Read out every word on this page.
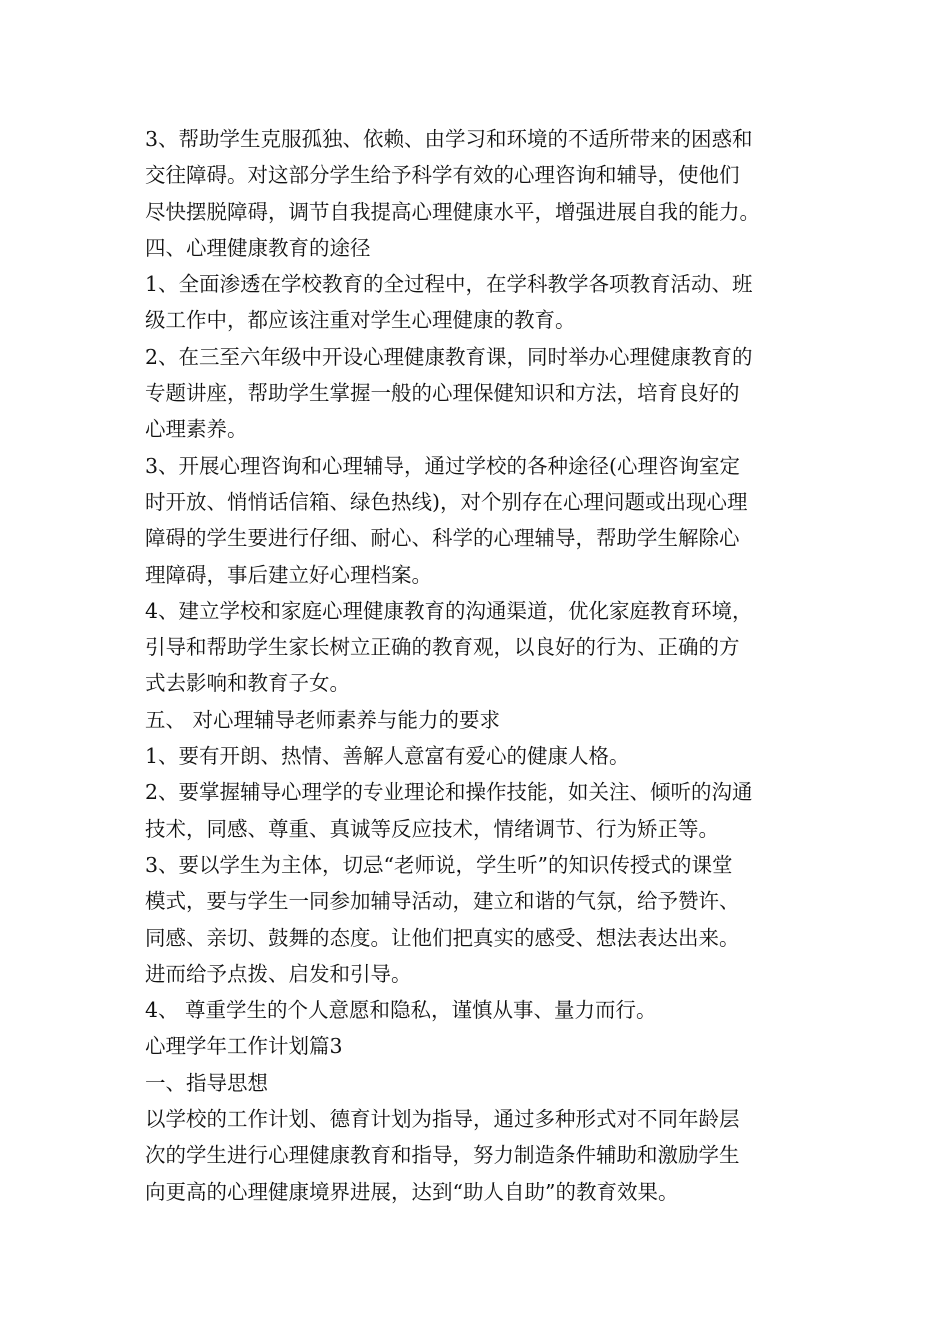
3、帮助学生克服孤独、依赖、由学习和环境的不适所带来的困惑和
交往障碍。对这部分学生给予科学有效的心理咨询和辅导，使他们
尽快摆脱障碍，调节自我提高心理健康水平，增强进展自我的能力。
四、心理健康教育的途径
1、全面渗透在学校教育的全过程中，在学科教学各项教育活动、班
级工作中，都应该注重对学生心理健康的教育。
2、在三至六年级中开设心理健康教育课，同时举办心理健康教育的
专题讲座，帮助学生掌握一般的心理保健知识和方法，培育良好的
心理素养。
3、开展心理咨询和心理辅导，通过学校的各种途径(心理咨询室定
时开放、悄悄话信箱、绿色热线)，对个别存在心理问题或出现心理
障碍的学生要进行仔细、耐心、科学的心理辅导，帮助学生解除心
理障碍，事后建立好心理档案。
4、建立学校和家庭心理健康教育的沟通渠道，优化家庭教育环境，
引导和帮助学生家长树立正确的教育观，以良好的行为、正确的方
式去影响和教育子女。
五、 对心理辅导老师素养与能力的要求
1、要有开朗、热情、善解人意富有爱心的健康人格。
2、要掌握辅导心理学的专业理论和操作技能，如关注、倾听的沟通
技术，同感、尊重、真诚等反应技术，情绪调节、行为矫正等。
3、要以学生为主体，切忌“老师说，学生听”的知识传授式的课堂
模式，要与学生一同参加辅导活动，建立和谐的气氛，给予赞许、
同感、亲切、鼓舞的态度。让他们把真实的感受、想法表达出来。
进而给予点拨、启发和引导。
4、 尊重学生的个人意愿和隐私，谨慎从事、量力而行。
心理学年工作计划篇3
一、指导思想
以学校的工作计划、德育计划为指导，通过多种形式对不同年龄层
次的学生进行心理健康教育和指导，努力制造条件辅助和激励学生
向更高的心理健康境界进展，达到“助人自助”的教育效果。
